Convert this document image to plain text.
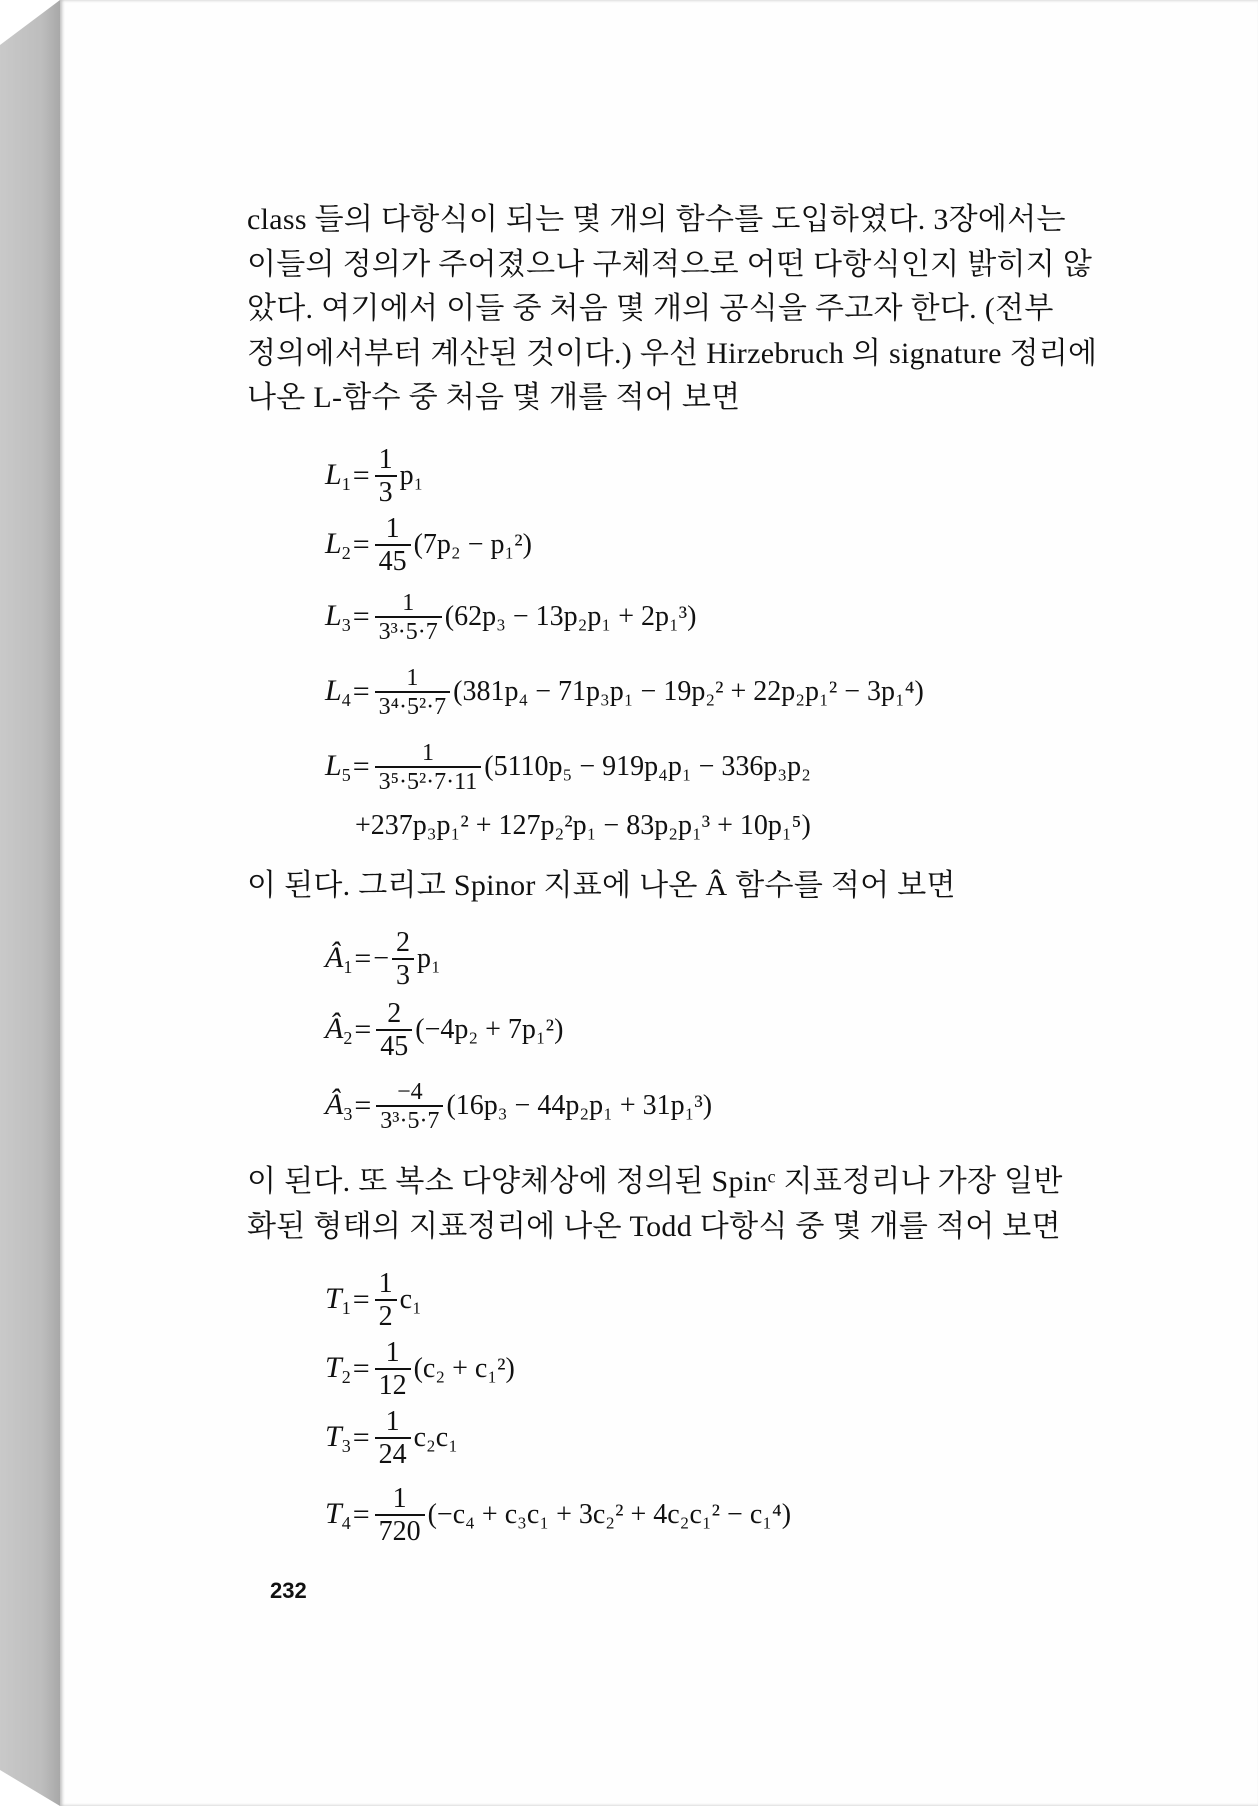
class 들의 다항식이 되는 몇 개의 함수를 도입하였다. 3장에서는
이들의 정의가 주어졌으나 구체적으로 어떤 다항식인지 밝히지 않
았다. 여기에서 이들 중 처음 몇 개의 공식을 주고자 한다. (전부
정의에서부터 계산된 것이다.) 우선 Hirzebruch 의 signature 정리에
나온 L-함수 중 처음 몇 개를 적어 보면
$L_1 = \frac{1}{3} p_1$
$L_2 = \frac{1}{45} (7p_2 - p_1^2)$
$L_3 = \frac{1}{\text{3³·5·7}} (62p_3 - 13p_2p_1 + 2p_1^3)$
$L_4 = \frac{1}{\text{3⁴·5²·7}} (381p_4 - 71p_3p_1 - 19p_2^2 + 22p_2p_1^2 - 3p_1^4)$
$L_5 = \frac{1}{\text{3⁵·5²·7·11}} (5110p_5 - 919p_4p_1 - 336p_3p_2$
+237p₃p₁² + 127p₂²p₁ − 83p₂p₁³ + 10p₁⁵)
이 된다. 그리고 Spinor 지표에 나온 Â 함수를 적어 보면
$Â_1$ = − $\frac{2}{3} p_1$
$Â_2 = \frac{2}{45} (-4p_2 + 7p_1^2)$
$Â_3 = \frac{-4}{\text{3³·5·7}} (16p_3 - 44p_2p_1 + 31p_1^3)$
이 된다. 또 복소 다양체상에 정의된 Spinᶜ 지표정리나 가장 일반
화된 형태의 지표정리에 나온 Todd 다항식 중 몇 개를 적어 보면
$T_1 = \frac{1}{2} c_1$
$T_2 = \frac{1}{12} (c_2 + c_1^2)$
$T_3 = \frac{1}{24} c_2c_1$
$T_4 = \frac{1}{720} (-c_4 + c_3c_1 + 3c_2^2 + 4c_2c_1^2 - c_1^4)$
232
